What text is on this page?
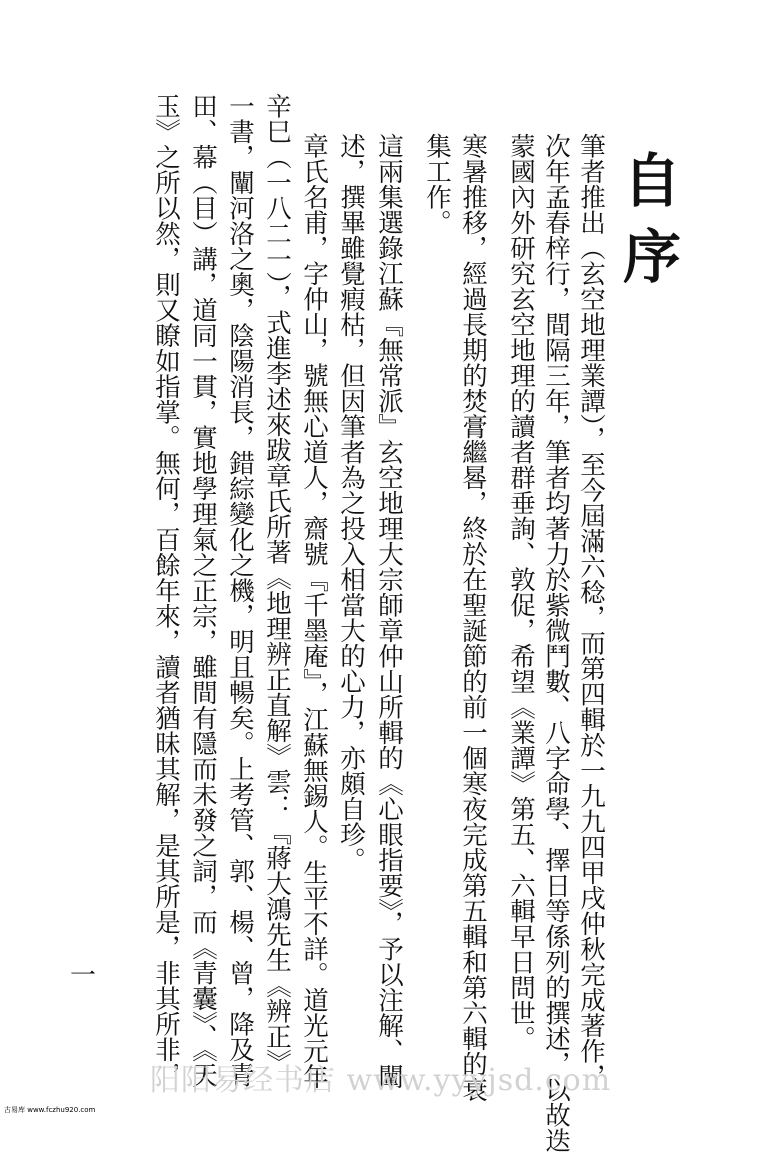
自序

筆者推出（玄空地理業譚），至今屆滿六稔，而第四輯於一九九四甲戌仲秋完成著作，

次年孟春梓行，間隔三年，筆者均著力於紫微鬥數、八字命學、擇日等係列的撰述，以故迭

蒙國內外研究玄空地理的讀者群垂詢、敦促，希望《業譚》第五、六輯早日問世。

寒暑推移，經過長期的焚膏繼晷，終於在聖誕節的前一個寒夜完成第五輯和第六輯的衰

集工作。

這兩集選錄江蘇『無常派』玄空地理大宗師章仲山所輯的《心眼指要》，予以注解、闡

述，撰畢雖覺瘕枯，但因筆者為之投入相當大的心力，亦頗自珍。

章氏名甫，字仲山，號無心道人，齋號『千墨庵』，江蘇無錫人。生平不詳。道光元年

辛巳（一八二一），式進李述來跋章氏所著《地理辨正直解》雲：『蔣大鴻先生《辨正》

一書，闡河洛之奧，陰陽消長，錯綜變化之機，明且暢矣。上考管、郭、楊、曾，降及青

田、幕（目）講，道同一貫，實地學理氣之正宗，雖間有隱而未發之詞，而《青囊》、《天

玉》之所以然，則又瞭如指掌。無何，百餘年來，讀者猶昧其解，是其所是，非其所非，

一
阳阳易经书店 www.yyyjsd.com
古易库 www.fczhu920.com
